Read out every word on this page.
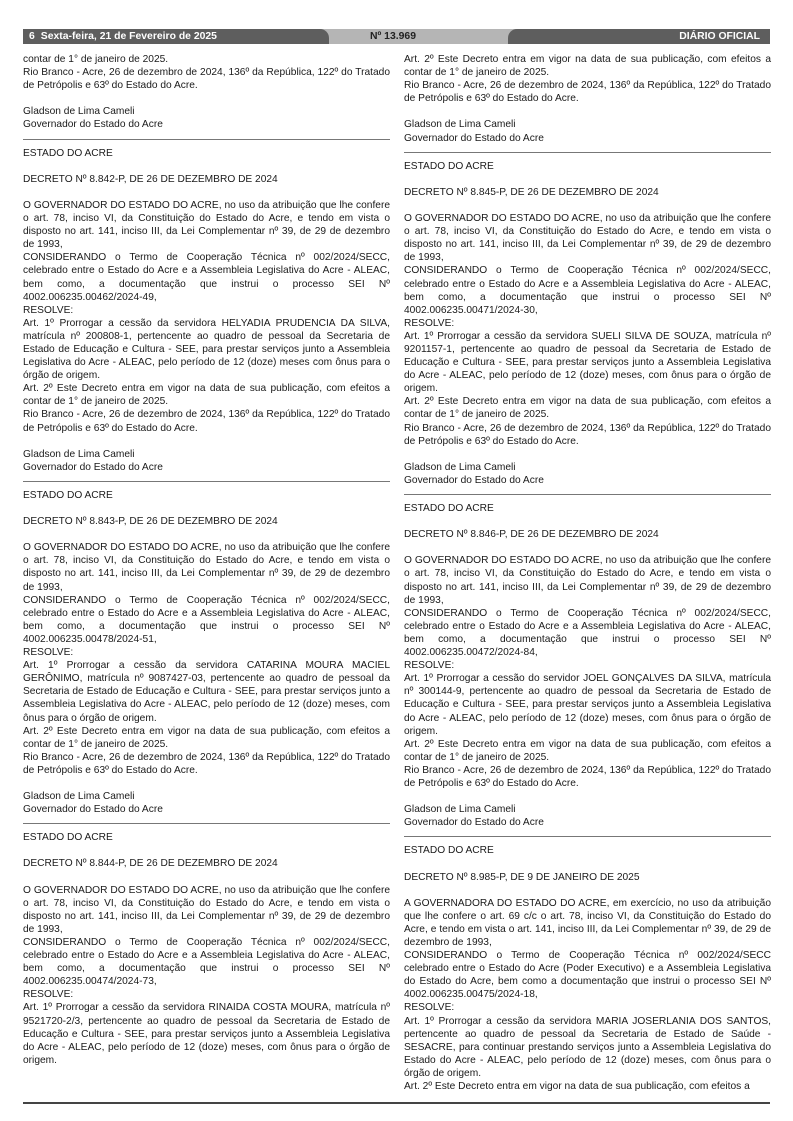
6 Sexta-feira, 21 de Fevereiro de 2025	Nº 13.969	DIÁRIO OFICIAL

contar de 1° de janeiro de 2025.

Rio Branco - Acre, 26 de dezembro de 2024, 136º da República, 122º do Tratado de Petrópolis e 63º do Estado do Acre.

Gladson de Lima Cameli

Governador do Estado do Acre

ESTADO DO ACRE

DECRETO Nº 8.842-P, DE 26 DE DEZEMBRO DE 2024

O GOVERNADOR DO ESTADO DO ACRE, no uso da atribuição que lhe confere o art. 78, inciso VI, da Constituição do Estado do Acre, e tendo em vista o disposto no art. 141, inciso III, da Lei Complementar nº 39, de 29 de dezembro de 1993,

CONSIDERANDO o Termo de Cooperação Técnica nº 002/2024/SECC, celebrado entre o Estado do Acre e a Assembleia Legislativa do Acre - ALEAC, bem como, a documentação que instrui o processo SEI Nº 4002.006235.00462/2024-49,

RESOLVE:

Art. 1º Prorrogar a cessão da servidora HELYADIA PRUDENCIA DA SILVA, matrícula nº 200808-1, pertencente ao quadro de pessoal da Secretaria de Estado de Educação e Cultura - SEE, para prestar serviços junto a Assembleia Legislativa do Acre - ALEAC, pelo período de 12 (doze) meses com ônus para o órgão de origem.

Art. 2º Este Decreto entra em vigor na data de sua publicação, com efeitos a contar de 1° de janeiro de 2025.

Rio Branco - Acre, 26 de dezembro de 2024, 136º da República, 122º do Tratado de Petrópolis e 63º do Estado do Acre.

Gladson de Lima Cameli

Governador do Estado do Acre

ESTADO DO ACRE

DECRETO Nº 8.843-P, DE 26 DE DEZEMBRO DE 2024

O GOVERNADOR DO ESTADO DO ACRE, no uso da atribuição que lhe confere o art. 78, inciso VI, da Constituição do Estado do Acre, e tendo em vista o disposto no art. 141, inciso III, da Lei Complementar nº 39, de 29 de dezembro de 1993,

CONSIDERANDO o Termo de Cooperação Técnica nº 002/2024/SECC, celebrado entre o Estado do Acre e a Assembleia Legislativa do Acre - ALEAC, bem como, a documentação que instrui o processo SEI Nº 4002.006235.00478/2024-51,

RESOLVE:

Art. 1º Prorrogar a cessão da servidora CATARINA MOURA MACIEL GERÔNIMO, matrícula nº 9087427-03, pertencente ao quadro de pessoal da Secretaria de Estado de Educação e Cultura - SEE, para prestar serviços junto a Assembleia Legislativa do Acre - ALEAC, pelo período de 12 (doze) meses, com ônus para o órgão de origem.

Art. 2º Este Decreto entra em vigor na data de sua publicação, com efeitos a contar de 1° de janeiro de 2025.

Rio Branco - Acre, 26 de dezembro de 2024, 136º da República, 122º do Tratado de Petrópolis e 63º do Estado do Acre.

Gladson de Lima Cameli

Governador do Estado do Acre

ESTADO DO ACRE

DECRETO Nº 8.844-P, DE 26 DE DEZEMBRO DE 2024

O GOVERNADOR DO ESTADO DO ACRE, no uso da atribuição que lhe confere o art. 78, inciso VI, da Constituição do Estado do Acre, e tendo em vista o disposto no art. 141, inciso III, da Lei Complementar nº 39, de 29 de dezembro de 1993,

CONSIDERANDO o Termo de Cooperação Técnica nº 002/2024/SECC, celebrado entre o Estado do Acre e a Assembleia Legislativa do Acre - ALEAC, bem como, a documentação que instrui o processo SEI Nº 4002.006235.00474/2024-73,

RESOLVE:

Art. 1º Prorrogar a cessão da servidora RINAIDA COSTA MOURA, matrícula nº 9521720-2/3, pertencente ao quadro de pessoal da Secretaria de Estado de Educação e Cultura - SEE, para prestar serviços junto a Assembleia Legislativa do Acre - ALEAC, pelo período de 12 (doze) meses, com ônus para o órgão de origem.

Art. 2º Este Decreto entra em vigor na data de sua publicação, com efeitos a contar de 1° de janeiro de 2025.

Rio Branco - Acre, 26 de dezembro de 2024, 136º da República, 122º do Tratado de Petrópolis e 63º do Estado do Acre.

Gladson de Lima Cameli

Governador do Estado do Acre

ESTADO DO ACRE

DECRETO Nº 8.845-P, DE 26 DE DEZEMBRO DE 2024

O GOVERNADOR DO ESTADO DO ACRE, no uso da atribuição que lhe confere o art. 78, inciso VI, da Constituição do Estado do Acre, e tendo em vista o disposto no art. 141, inciso III, da Lei Complementar nº 39, de 29 de dezembro de 1993,

CONSIDERANDO o Termo de Cooperação Técnica nº 002/2024/SECC, celebrado entre o Estado do Acre e a Assembleia Legislativa do Acre - ALEAC, bem como, a documentação que instrui o processo SEI Nº 4002.006235.00471/2024-30,

RESOLVE:

Art. 1º Prorrogar a cessão da servidora SUELI SILVA DE SOUZA, matrícula nº 9201157-1, pertencente ao quadro de pessoal da Secretaria de Estado de Educação e Cultura - SEE, para prestar serviços junto a Assembleia Legislativa do Acre - ALEAC, pelo período de 12 (doze) meses, com ônus para o órgão de origem.

Art. 2º Este Decreto entra em vigor na data de sua publicação, com efeitos a contar de 1° de janeiro de 2025.

Rio Branco - Acre, 26 de dezembro de 2024, 136º da República, 122º do Tratado de Petrópolis e 63º do Estado do Acre.

Gladson de Lima Cameli

Governador do Estado do Acre

ESTADO DO ACRE

DECRETO Nº 8.846-P, DE 26 DE DEZEMBRO DE 2024

O GOVERNADOR DO ESTADO DO ACRE, no uso da atribuição que lhe confere o art. 78, inciso VI, da Constituição do Estado do Acre, e tendo em vista o disposto no art. 141, inciso III, da Lei Complementar nº 39, de 29 de dezembro de 1993,

CONSIDERANDO o Termo de Cooperação Técnica nº 002/2024/SECC, celebrado entre o Estado do Acre e a Assembleia Legislativa do Acre - ALEAC, bem como, a documentação que instrui o processo SEI Nº 4002.006235.00472/2024-84,

RESOLVE:

Art. 1º Prorrogar a cessão do servidor JOEL GONÇALVES DA SILVA, matrícula nº 300144-9, pertencente ao quadro de pessoal da Secretaria de Estado de Educação e Cultura - SEE, para prestar serviços junto a Assembleia Legislativa do Acre - ALEAC, pelo período de 12 (doze) meses, com ônus para o órgão de origem.

Art. 2º Este Decreto entra em vigor na data de sua publicação, com efeitos a contar de 1° de janeiro de 2025.

Rio Branco - Acre, 26 de dezembro de 2024, 136º da República, 122º do Tratado de Petrópolis e 63º do Estado do Acre.

Gladson de Lima Cameli

Governador do Estado do Acre

ESTADO DO ACRE

DECRETO Nº 8.985-P, DE 9 DE JANEIRO DE 2025

A GOVERNADORA DO ESTADO DO ACRE, em exercício, no uso da atribuição que lhe confere o art. 69 c/c o art. 78, inciso VI, da Constituição do Estado do Acre, e tendo em vista o art. 141, inciso III, da Lei Complementar nº 39, de 29 de dezembro de 1993,

CONSIDERANDO o Termo de Cooperação Técnica nº 002/2024/SECC celebrado entre o Estado do Acre (Poder Executivo) e a Assembleia Legislativa do Estado do Acre, bem como a documentação que instrui o processo SEI Nº 4002.006235.00475/2024-18,

RESOLVE:

Art. 1º Prorrogar a cessão da servidora MARIA JOSERLANIA DOS SANTOS, pertencente ao quadro de pessoal da Secretaria de Estado de Saúde - SESACRE, para continuar prestando serviços junto a Assembleia Legislativa do Estado do Acre - ALEAC, pelo período de 12 (doze) meses, com ônus para o órgão de origem.

Art. 2º Este Decreto entra em vigor na data de sua publicação, com efeitos a
